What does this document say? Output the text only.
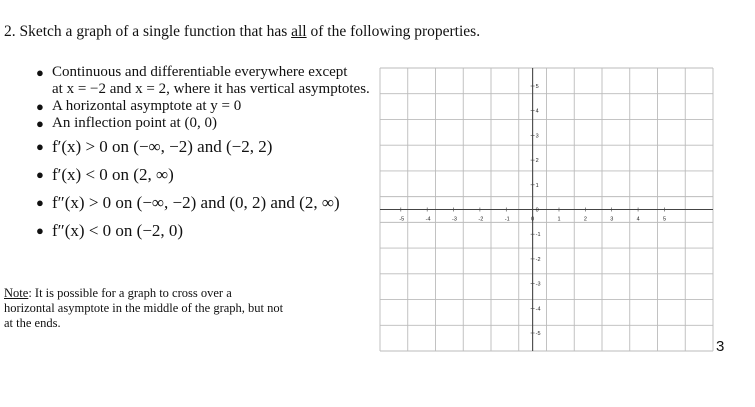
2. Sketch a graph of a single function that has all of the following properties.
● Continuous and differentiable everywhere except
at x = −2 and x = 2, where it has vertical asymptotes.
● A horizontal asymptote at y = 0
● An inflection point at (0, 0)
● f′(x) > 0 on (−∞, −2) and (−2, 2)
● f′(x) < 0 on (2, ∞)
● f″(x) > 0 on (−∞, −2) and (0, 2) and (2, ∞)
● f″(x) < 0 on (−2, 0)
Note: It is possible for a graph to cross over a horizontal asymptote in the middle of the graph, but not at the ends.
-5	-4	-3	-2	-1	0	1	2	3	4	5
5
4
3
2
1
0
-1
-2
-3
-4
-5
3
